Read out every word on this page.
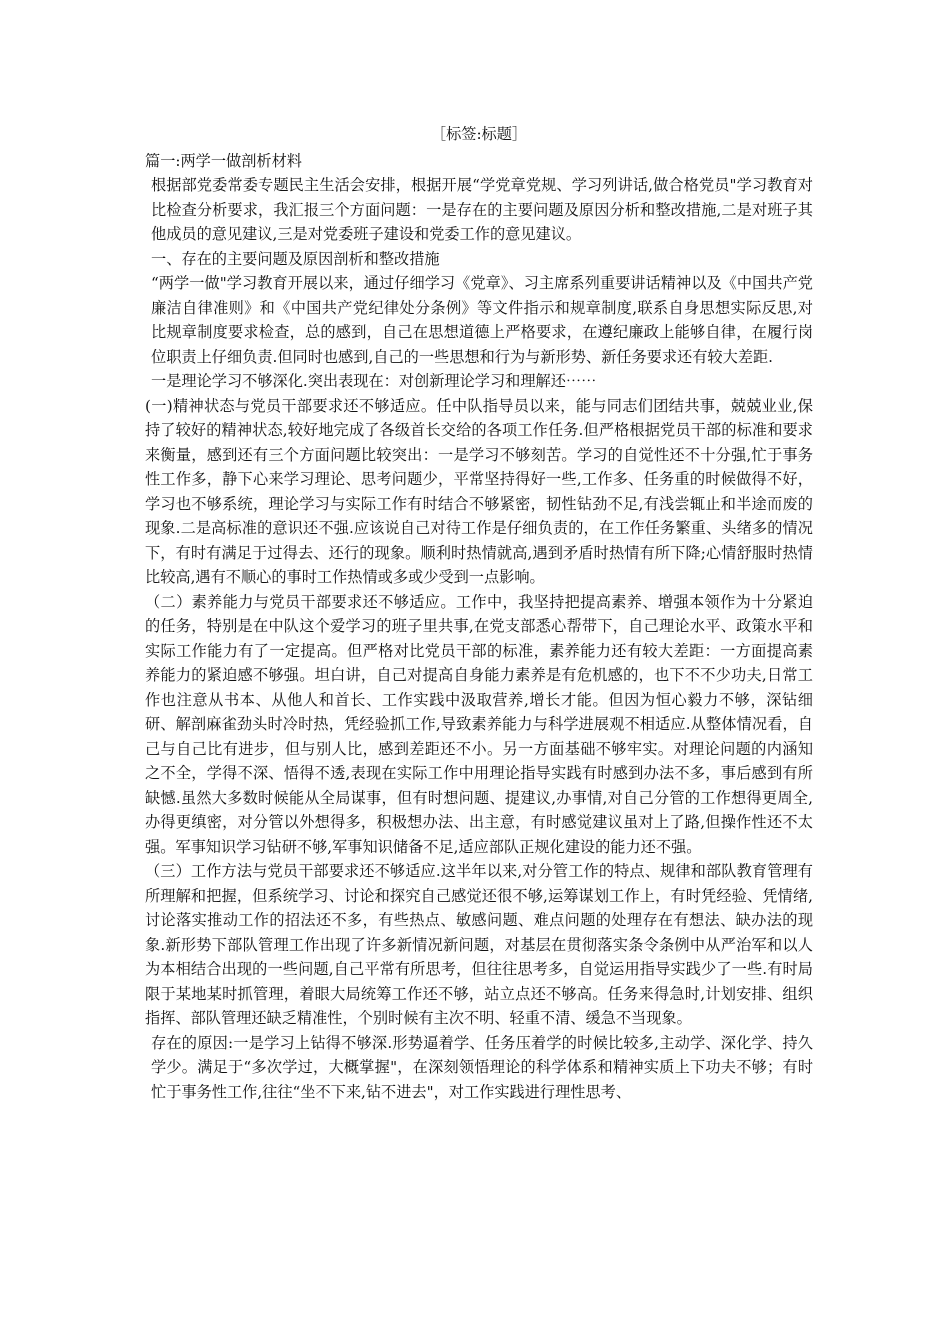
［标签:标题］

篇一:两学一做剖析材料

根据部党委常委专题民主生活会安排，根据开展“学党章党规、学习列讲话,做合格党员"学习教育对比检查分析要求，我汇报三个方面问题：一是存在的主要问题及原因分析和整改措施,二是对班子其他成员的意见建议,三是对党委班子建设和党委工作的意见建议。

一、存在的主要问题及原因剖析和整改措施

“两学一做"学习教育开展以来，通过仔细学习《党章》、习主席系列重要讲话精神以及《中国共产党廉洁自律准则》和《中国共产党纪律处分条例》等文件指示和规章制度,联系自身思想实际反思,对比规章制度要求检查，总的感到，自己在思想道德上严格要求，在遵纪廉政上能够自律，在履行岗位职责上仔细负责.但同时也感到,自己的一些思想和行为与新形势、新任务要求还有较大差距.

一是理论学习不够深化.突出表现在：对创新理论学习和理解还⋯⋯

(一)精神状态与党员干部要求还不够适应。任中队指导员以来，能与同志们团结共事，兢兢业业,保持了较好的精神状态,较好地完成了各级首长交给的各项工作任务.但严格根据党员干部的标准和要求来衡量，感到还有三个方面问题比较突出：一是学习不够刻苦。学习的自觉性还不十分强,忙于事务性工作多，静下心来学习理论、思考问题少，平常坚持得好一些,工作多、任务重的时候做得不好，学习也不够系统，理论学习与实际工作有时结合不够紧密，韧性钻劲不足,有浅尝辄止和半途而废的现象.二是高标准的意识还不强.应该说自己对待工作是仔细负责的，在工作任务繁重、头绪多的情况下，有时有满足于过得去、还行的现象。顺利时热情就高,遇到矛盾时热情有所下降;心情舒服时热情比较高,遇有不顺心的事时工作热情或多或少受到一点影响。

（二）素养能力与党员干部要求还不够适应。工作中，我坚持把提高素养、增强本领作为十分紧迫的任务，特别是在中队这个爱学习的班子里共事,在党支部悉心帮带下，自己理论水平、政策水平和实际工作能力有了一定提高。但严格对比党员干部的标准，素养能力还有较大差距：一方面提高素养能力的紧迫感不够强。坦白讲，自己对提高自身能力素养是有危机感的，也下不不少功夫,日常工作也注意从书本、从他人和首长、工作实践中汲取营养,增长才能。但因为恒心毅力不够，深钻细研、解剖麻雀劲头时冷时热，凭经验抓工作,导致素养能力与科学进展观不相适应.从整体情况看，自己与自己比有进步，但与别人比，感到差距还不小。另一方面基础不够牢实。对理论问题的内涵知之不全，学得不深、悟得不透,表现在实际工作中用理论指导实践有时感到办法不多，事后感到有所缺憾.虽然大多数时候能从全局谋事，但有时想问题、提建议,办事情,对自己分管的工作想得更周全,办得更缜密，对分管以外想得多，积极想办法、出主意，有时感觉建议虽对上了路,但操作性还不太强。军事知识学习钻研不够,军事知识储备不足,适应部队正规化建设的能力还不强。

（三）工作方法与党员干部要求还不够适应.这半年以来,对分管工作的特点、规律和部队教育管理有所理解和把握，但系统学习、讨论和探究自己感觉还很不够,运筹谋划工作上，有时凭经验、凭情绪,讨论落实推动工作的招法还不多，有些热点、敏感问题、难点问题的处理存在有想法、缺办法的现象.新形势下部队管理工作出现了许多新情况新问题，对基层在贯彻落实条令条例中从严治军和以人为本相结合出现的一些问题,自己平常有所思考，但往往思考多，自觉运用指导实践少了一些.有时局限于某地某时抓管理，着眼大局统筹工作还不够，站立点还不够高。任务来得急时,计划安排、组织指挥、部队管理还缺乏精准性，个别时候有主次不明、轻重不清、缓急不当现象。

存在的原因:一是学习上钻得不够深.形势逼着学、任务压着学的时候比较多,主动学、深化学、持久学少。满足于“多次学过，大概掌握"，在深刻领悟理论的科学体系和精神实质上下功夫不够；有时忙于事务性工作,往往“坐不下来,钻不进去"，对工作实践进行理性思考、
